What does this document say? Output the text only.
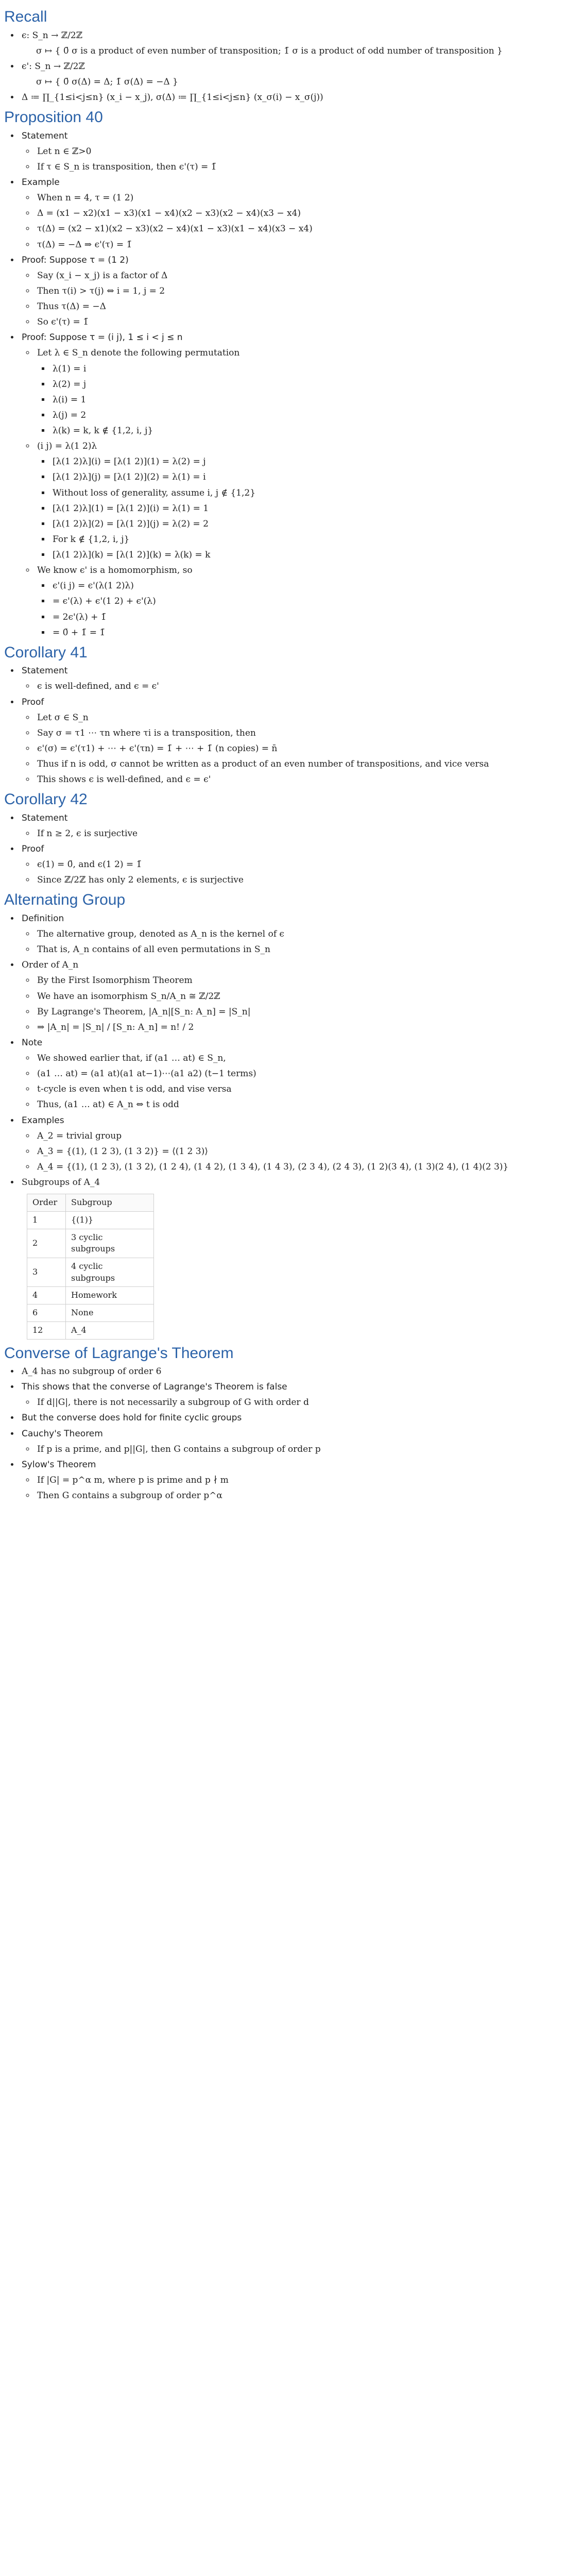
Recall
• ϵ: S_n → ℤ/2ℤ
σ ↦ { 0̄ σ is a product of even number of transposition; 1̄ σ is a product of odd number of transposition }
• ϵ': S_n → ℤ/2ℤ
σ ↦ { 0̄ σ(Δ) = Δ; 1̄ σ(Δ) = −Δ }
• Δ ≔ ∏_{1≤i<j≤n} (x_i − x_j), σ(Δ) ≔ ∏_{1≤i<j≤n} (x_σ(i) − x_σ(j))
Proposition 40
• Statement
◦ Let n ∈ ℤ>0
◦ If τ ∈ S_n is transposition, then ϵ'(τ) = 1̄
• Example
◦ When n = 4, τ = (1 2)
◦ Δ = (x1 − x2)(x1 − x3)(x1 − x4)(x2 − x3)(x2 − x4)(x3 − x4)
◦ τ(Δ) = (x2 − x1)(x2 − x3)(x2 − x4)(x1 − x3)(x1 − x4)(x3 − x4)
◦ τ(Δ) = −Δ ⇒ ϵ'(τ) = 1̄
• Proof: Suppose τ = (1 2)
◦ Say (x_i − x_j) is a factor of Δ
◦ Then τ(i) > τ(j) ⇔ i = 1, j = 2
◦ Thus τ(Δ) = −Δ
◦ So ϵ'(τ) = 1̄
• Proof: Suppose τ = (i j), 1 ≤ i < j ≤ n
◦ Let λ ∈ S_n denote the following permutation
▪ λ(1) = i
▪ λ(2) = j
▪ λ(i) = 1
▪ λ(j) = 2
▪ λ(k) = k, k ∉ {1,2, i, j}
◦ (i j) = λ(1 2)λ
▪ [λ(1 2)λ](i) = [λ(1 2)](1) = λ(2) = j
▪ [λ(1 2)λ](j) = [λ(1 2)](2) = λ(1) = i
▪ Without loss of generality, assume i, j ∉ {1,2}
▪ [λ(1 2)λ](1) = [λ(1 2)](i) = λ(1) = 1
▪ [λ(1 2)λ](2) = [λ(1 2)](j) = λ(2) = 2
▪ For k ∉ {1,2, i, j}
▪ [λ(1 2)λ](k) = [λ(1 2)](k) = λ(k) = k
◦ We know ϵ' is a homomorphism, so
▪ ϵ'(i j) = ϵ'(λ(1 2)λ)
▪ = ϵ'(λ) + ϵ'(1 2) + ϵ'(λ)
▪ = 2ϵ'(λ) + 1̄
▪ = 0̄ + 1̄ = 1̄
Corollary 41
• Statement
◦ ϵ is well-defined, and ϵ = ϵ'
• Proof
◦ Let σ ∈ S_n
◦ Say σ = τ1 ⋯ τn where τi is a transposition, then
◦ ϵ'(σ) = ϵ'(τ1) + ⋯ + ϵ'(τn) = 1̄ + ⋯ + 1̄ (n copies) = n̄
◦ Thus if n is odd, σ cannot be written as a product of an even number of transpositions, and vice versa
◦ This shows ϵ is well-defined, and ϵ = ϵ'
Corollary 42
• Statement
◦ If n ≥ 2, ϵ is surjective
• Proof
◦ ϵ(1) = 0̄, and ϵ(1 2) = 1̄
◦ Since ℤ/2ℤ has only 2 elements, ϵ is surjective
Alternating Group
• Definition
◦ The alternative group, denoted as A_n is the kernel of ϵ
◦ That is, A_n contains of all even permutations in S_n
• Order of A_n
◦ By the First Isomorphism Theorem
◦ We have an isomorphism S_n/A_n ≅ ℤ/2ℤ
◦ By Lagrange's Theorem, |A_n|[S_n: A_n] = |S_n|
◦ ⇒ |A_n| = |S_n| / [S_n: A_n] = n! / 2
• Note
◦ We showed earlier that, if (a1 … at) ∈ S_n,
◦ (a1 … at) = (a1 at)(a1 at−1)⋯(a1 a2) (t−1 terms)
◦ t-cycle is even when t is odd, and vise versa
◦ Thus, (a1 … at) ∈ A_n ⇔ t is odd
• Examples
◦ A_2 = trivial group
◦ A_3 = {(1), (1 2 3), (1 3 2)} = ⟨(1 2 3)⟩
◦ A_4 = {(1), (1 2 3), (1 3 2), (1 2 4), (1 4 2), (1 3 4), (1 4 3), (2 3 4), (2 4 3), (1 2)(3 4), (1 3)(2 4), (1 4)(2 3)}
• Subgroups of A_4
Order	Subgroup
1	{(1)}
2	3 cyclic subgroups
3	4 cyclic subgroups
4	Homework
6	None
12	A_4
Converse of Lagrange's Theorem
• A_4 has no subgroup of order 6
• This shows that the converse of Lagrange's Theorem is false
◦ If d||G|, there is not necessarily a subgroup of G with order d
• But the converse does hold for finite cyclic groups
• Cauchy's Theorem
◦ If p is a prime, and p||G|, then G contains a subgroup of order p
• Sylow's Theorem
◦ If |G| = p^α m, where p is prime and p ∤ m
◦ Then G contains a subgroup of order p^α
